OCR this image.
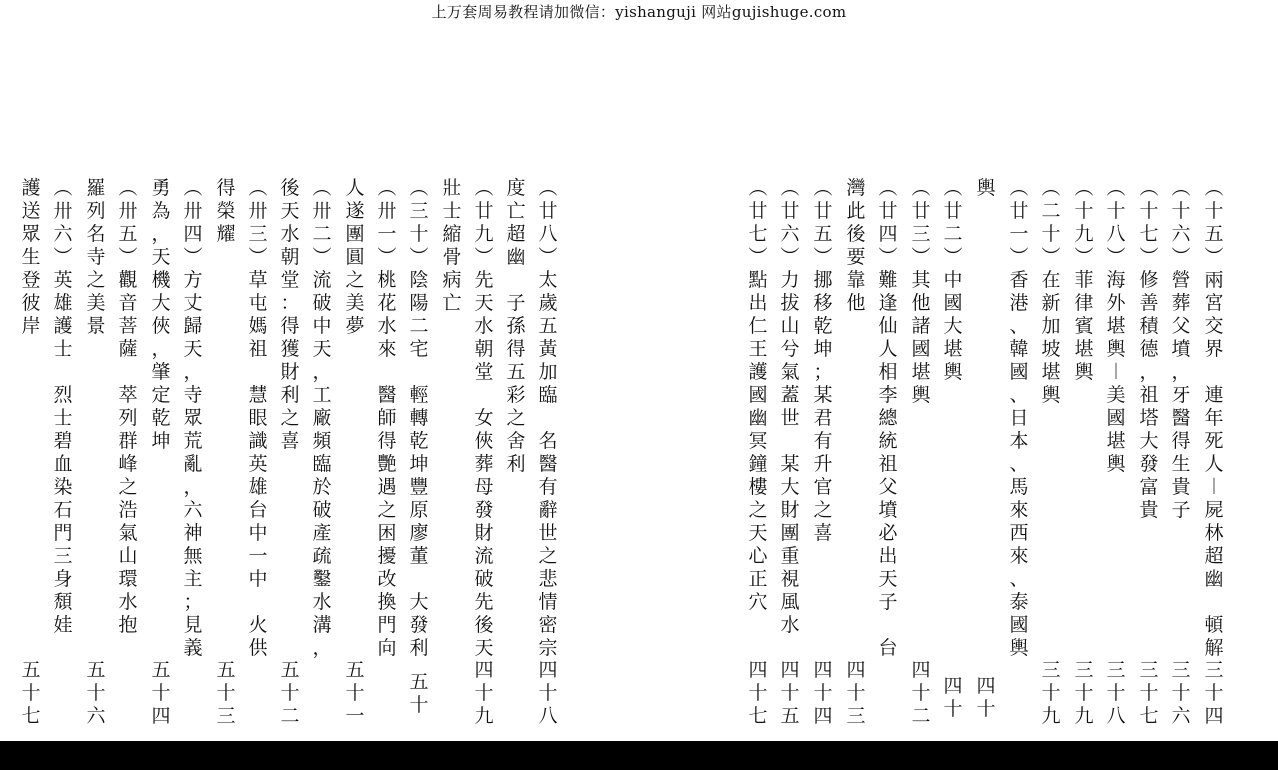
上万套周易教程请加微信：yishanguji 网站gujishuge.com
︵
十
五
︶
兩
宮
交
界

連
年
死
人
︱
屍
林
超
幽

頓
解
三
十
四
︵
十
六
︶
營
葬
父
墳
，
牙
醫
得
生
貴
子
三
十
六
︵
十
七
︶
修
善
積
德
，
祖
塔
大
發
富
貴
三
十
七
︵
十
八
︶
海
外
堪
輿
︱
美
國
堪
輿
三
十
八
︵
十
九
︶
菲
律
賓
堪
輿
三
十
九
︵
二
十
︶
在
新
加
坡
堪
輿
三
十
九
︵
廿
一
︶
香
港
、
韓
國
、
日
本
、
馬
來
西
來
、
泰
國
輿
輿
四
十
︵
廿
二
︶
中
國
大
堪
輿
四
十
︵
廿
三
︶
其
他
諸
國
堪
輿
四
十
二
︵
廿
四
︶
難
逢
仙
人
相
李
總
統
祖
父
墳
必
出
天
子

台
灣
此
後
要
靠
他
四
十
三
︵
廿
五
︶
挪
移
乾
坤
；
某
君
有
升
官
之
喜
四
十
四
︵
廿
六
︶
力
拔
山
兮
氣
蓋
世

某
大
財
團
重
視
風
水
四
十
五
︵
廿
七
︶
點
出
仁
王
護
國
幽
冥
鐘
樓
之
天
心
正
穴
四
十
七
︵
廿
八
︶
太
歲
五
黃
加
臨

名
醫
有
辭
世
之
悲
情
密
宗
四
十
八
度
亡
超
幽

子
孫
得
五
彩
之
舍
利
︵
廿
九
︶
先
天
水
朝
堂

女
俠
葬
母
發
財
流
破
先
後
天
四
十
九
壯
士
縮
骨
病
亡
︵
三
十
︶
陰
陽
二
宅

輕
轉
乾
坤
豐
原
廖
董

大
發
利
五
十
︵
卅
一
︶
桃
花
水
來

醫
師
得
艷
遇
之
困
擾
改
換
門
向
人
遂
團
圓
之
美
夢
五
十
一
︵
卅
二
︶
流
破
中
天
，
工
廠
頻
臨
於
破
產
疏
鑿
水
溝
，
後
天
水
朝
堂
：
得
獲
財
利
之
喜
五
十
二
︵
卅
三
︶
草
屯
媽
祖

慧
眼
識
英
雄
台
中
一
中

火
供
得
榮
耀
五
十
三
︵
卅
四
︶
方
丈
歸
天
，
寺
眾
荒
亂
，
六
神
無
主
；
見
義
勇
為
，
天
機
大
俠
，
肇
定
乾
坤
五
十
四
︵
卅
五
︶
觀
音
菩
薩

萃
列
群
峰
之
浩
氣
山
環
水
抱
羅
列
名
寺
之
美
景
五
十
六
︵
卅
六
︶
英
雄
護
士

烈
士
碧
血
染
石
門
三
身
頹
娃
護
送
眾
生
登
彼
岸
五
十
七
